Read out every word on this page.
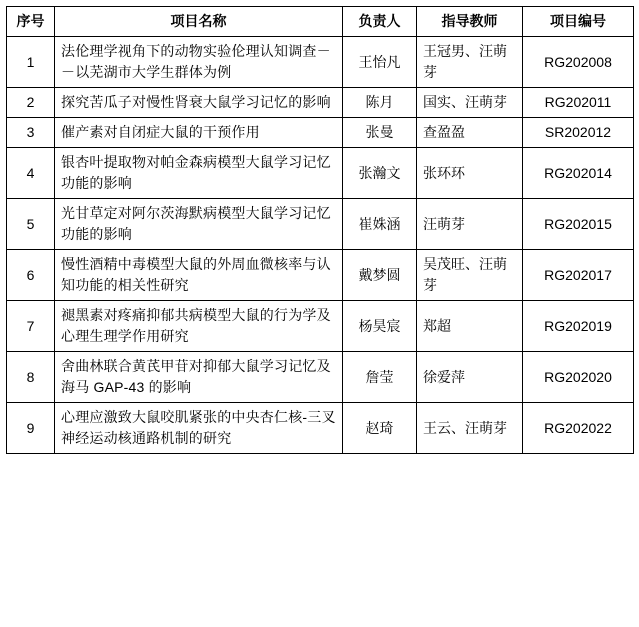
序号	项目名称	负责人	指导教师	项目编号
1	法伦理学视角下的动物实验伦理认知调查－－以芜湖市大学生群体为例	王怡凡	王冠男、汪萌芽	RG202008
2	探究苦瓜子对慢性肾衰大鼠学习记忆的影响	陈月	国实、汪萌芽	RG202011
3	催产素对自闭症大鼠的干预作用	张曼	查盈盈	SR202012
4	银杏叶提取物对帕金森病模型大鼠学习记忆功能的影响	张瀚文	张环环	RG202014
5	光甘草定对阿尔茨海默病模型大鼠学习记忆功能的影响	崔姝涵	汪萌芽	RG202015
6	慢性酒精中毒模型大鼠的外周血微核率与认知功能的相关性研究	戴梦圆	吴茂旺、汪萌芽	RG202017
7	褪黑素对疼痛抑郁共病模型大鼠的行为学及心理生理学作用研究	杨昊宸	郑超	RG202019
8	舍曲林联合黄芪甲苷对抑郁大鼠学习记忆及海马 GAP-43 的影响	詹莹	徐爱萍	RG202020
9	心理应激致大鼠咬肌紧张的中央杏仁核-三叉神经运动核通路机制的研究	赵琦	王云、汪萌芽	RG202022
